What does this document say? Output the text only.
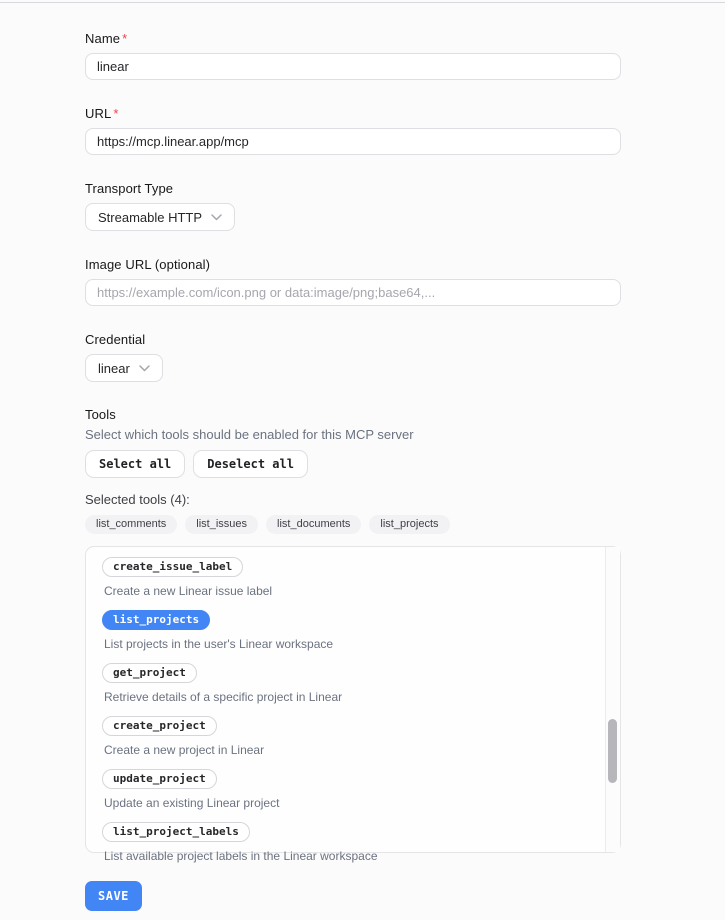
Name *
linear
URL *
https://mcp.linear.app/mcp
Transport Type
Streamable HTTP
Image URL (optional)
https://example.com/icon.png or data:image/png;base64,...
Credential
linear
Tools
Select which tools should be enabled for this MCP server
Select all	Deselect all
Selected tools (4):
list_comments	list_issues	list_documents	list_projects
create_issue_label
Create a new Linear issue label
list_projects
List projects in the user's Linear workspace
get_project
Retrieve details of a specific project in Linear
create_project
Create a new project in Linear
update_project
Update an existing Linear project
list_project_labels
List available project labels in the Linear workspace
SAVE
